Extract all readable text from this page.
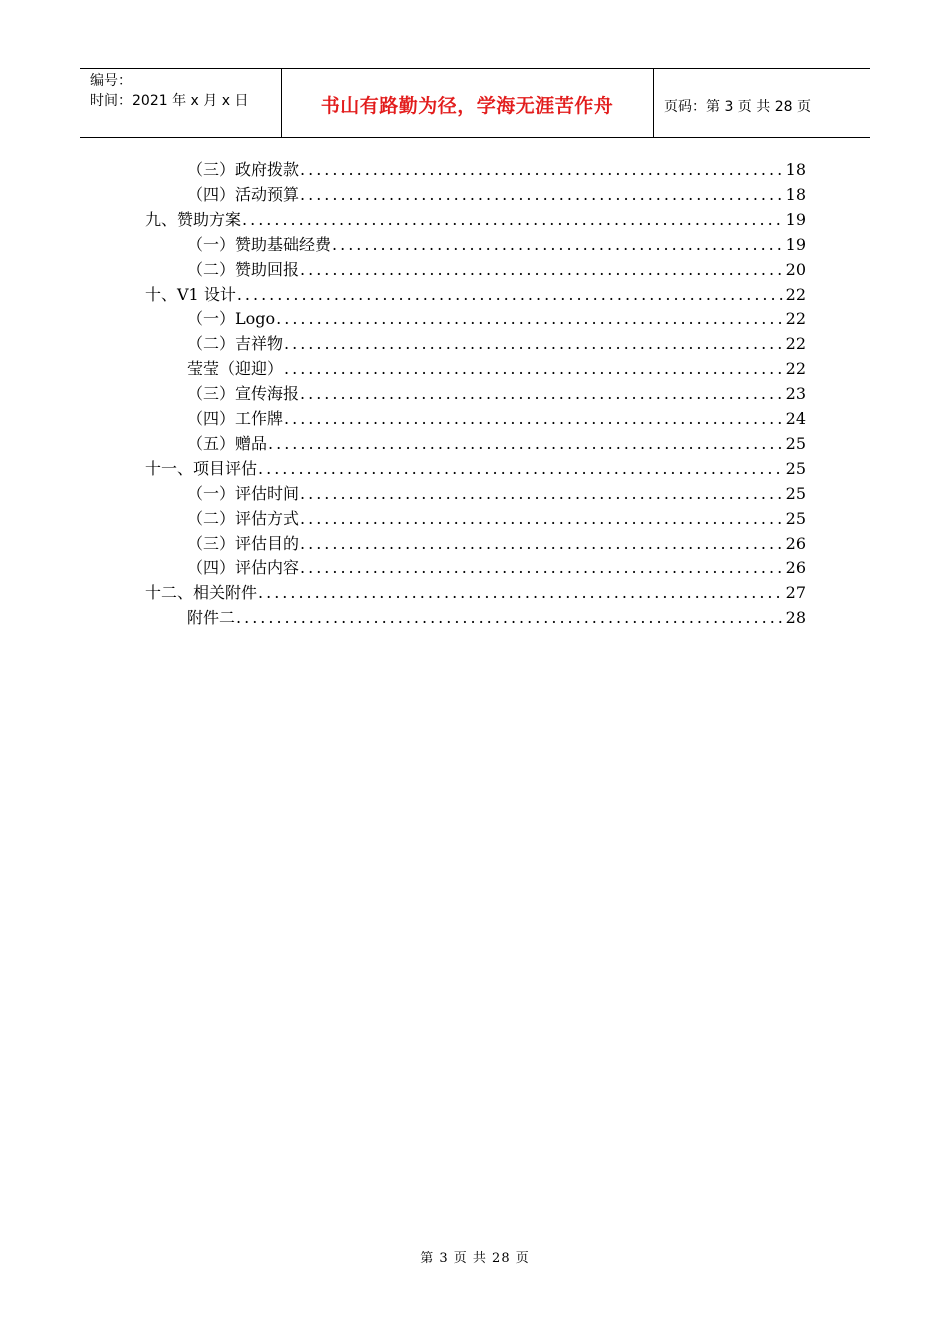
编号：
时间：2021 年 x 月 x 日	书山有路勤为径，学海无涯苦作舟	页码：第 3 页 共 28 页
（三）政府拨款 .....	18
（四）活动预算 .....	18
九、赞助方案 .....	19
（一）赞助基础经费 .....	19
（二）赞助回报 .....	20
十、V1 设计 .....	22
（一）Logo .....	22
（二）吉祥物 .....	22
莹莹（迎迎） .....	22
（三）宣传海报 .....	23
（四）工作牌 .....	24
（五）赠品 .....	25
十一、项目评估 .....	25
（一）评估时间 .....	25
（二）评估方式 .....	25
（三）评估目的 .....	26
（四）评估内容 .....	26
十二、相关附件 .....	27
附件二 .....	28
第 3 页 共 28 页
